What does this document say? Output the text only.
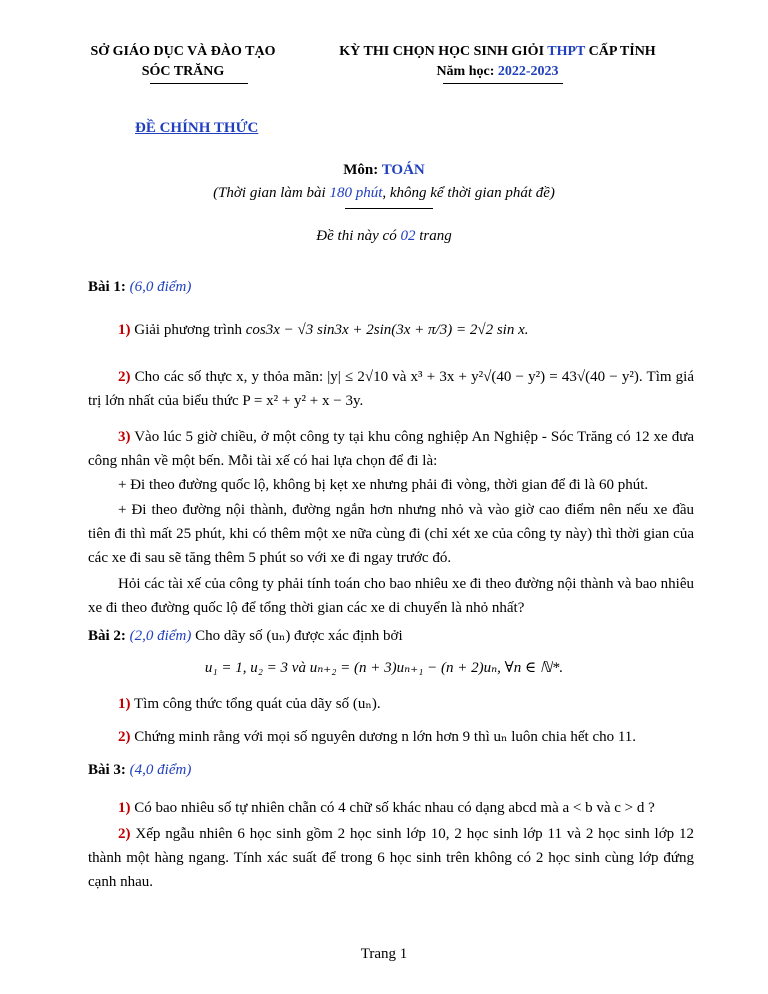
SỞ GIÁO DỤC VÀ ĐÀO TẠO
SÓC TRĂNG
KỲ THI CHỌN HỌC SINH GIỎI THPT CẤP TỈNH
Năm học: 2022-2023
ĐỀ CHÍNH THỨC
Môn: TOÁN
(Thời gian làm bài 180 phút, không kể thời gian phát đề)
Đề thi này có 02 trang
Bài 1: (6,0 điểm)
1) Giải phương trình cos3x − √3 sin3x + 2sin(3x + π/3) = 2√2 sin x.
2) Cho các số thực x, y thỏa mãn: |y| ≤ 2√10 và x³ + 3x + y²√(40 − y²) = 43√(40 − y²). Tìm giá trị lớn nhất của biểu thức P = x² + y² + x − 3y.
3) Vào lúc 5 giờ chiều, ở một công ty tại khu công nghiệp An Nghiệp - Sóc Trăng có 12 xe đưa công nhân về một bến. Mỗi tài xế có hai lựa chọn để đi là:
+ Đi theo đường quốc lộ, không bị kẹt xe nhưng phải đi vòng, thời gian để đi là 60 phút.
+ Đi theo đường nội thành, đường ngắn hơn nhưng nhỏ và vào giờ cao điểm nên nếu xe đầu tiên đi thì mất 25 phút, khi có thêm một xe nữa cùng đi (chỉ xét xe của công ty này) thì thời gian của các xe đi sau sẽ tăng thêm 5 phút so với xe đi ngay trước đó.
Hỏi các tài xế của công ty phải tính toán cho bao nhiêu xe đi theo đường nội thành và bao nhiêu xe đi theo đường quốc lộ để tổng thời gian các xe di chuyển là nhỏ nhất?
Bài 2: (2,0 điểm) Cho dãy số (uₙ) được xác định bởi
u₁ = 1, u₂ = 3 và uₙ₊₂ = (n + 3)uₙ₊₁ − (n + 2)uₙ, ∀n ∈ ℕ*.
1) Tìm công thức tổng quát của dãy số (uₙ).
2) Chứng minh rằng với mọi số nguyên dương n lớn hơn 9 thì uₙ luôn chia hết cho 11.
Bài 3: (4,0 điểm)
1) Có bao nhiêu số tự nhiên chẵn có 4 chữ số khác nhau có dạng abcd mà a < b và c > d ?
2) Xếp ngẫu nhiên 6 học sinh gồm 2 học sinh lớp 10, 2 học sinh lớp 11 và 2 học sinh lớp 12 thành một hàng ngang. Tính xác suất để trong 6 học sinh trên không có 2 học sinh cùng lớp đứng cạnh nhau.
Trang 1
